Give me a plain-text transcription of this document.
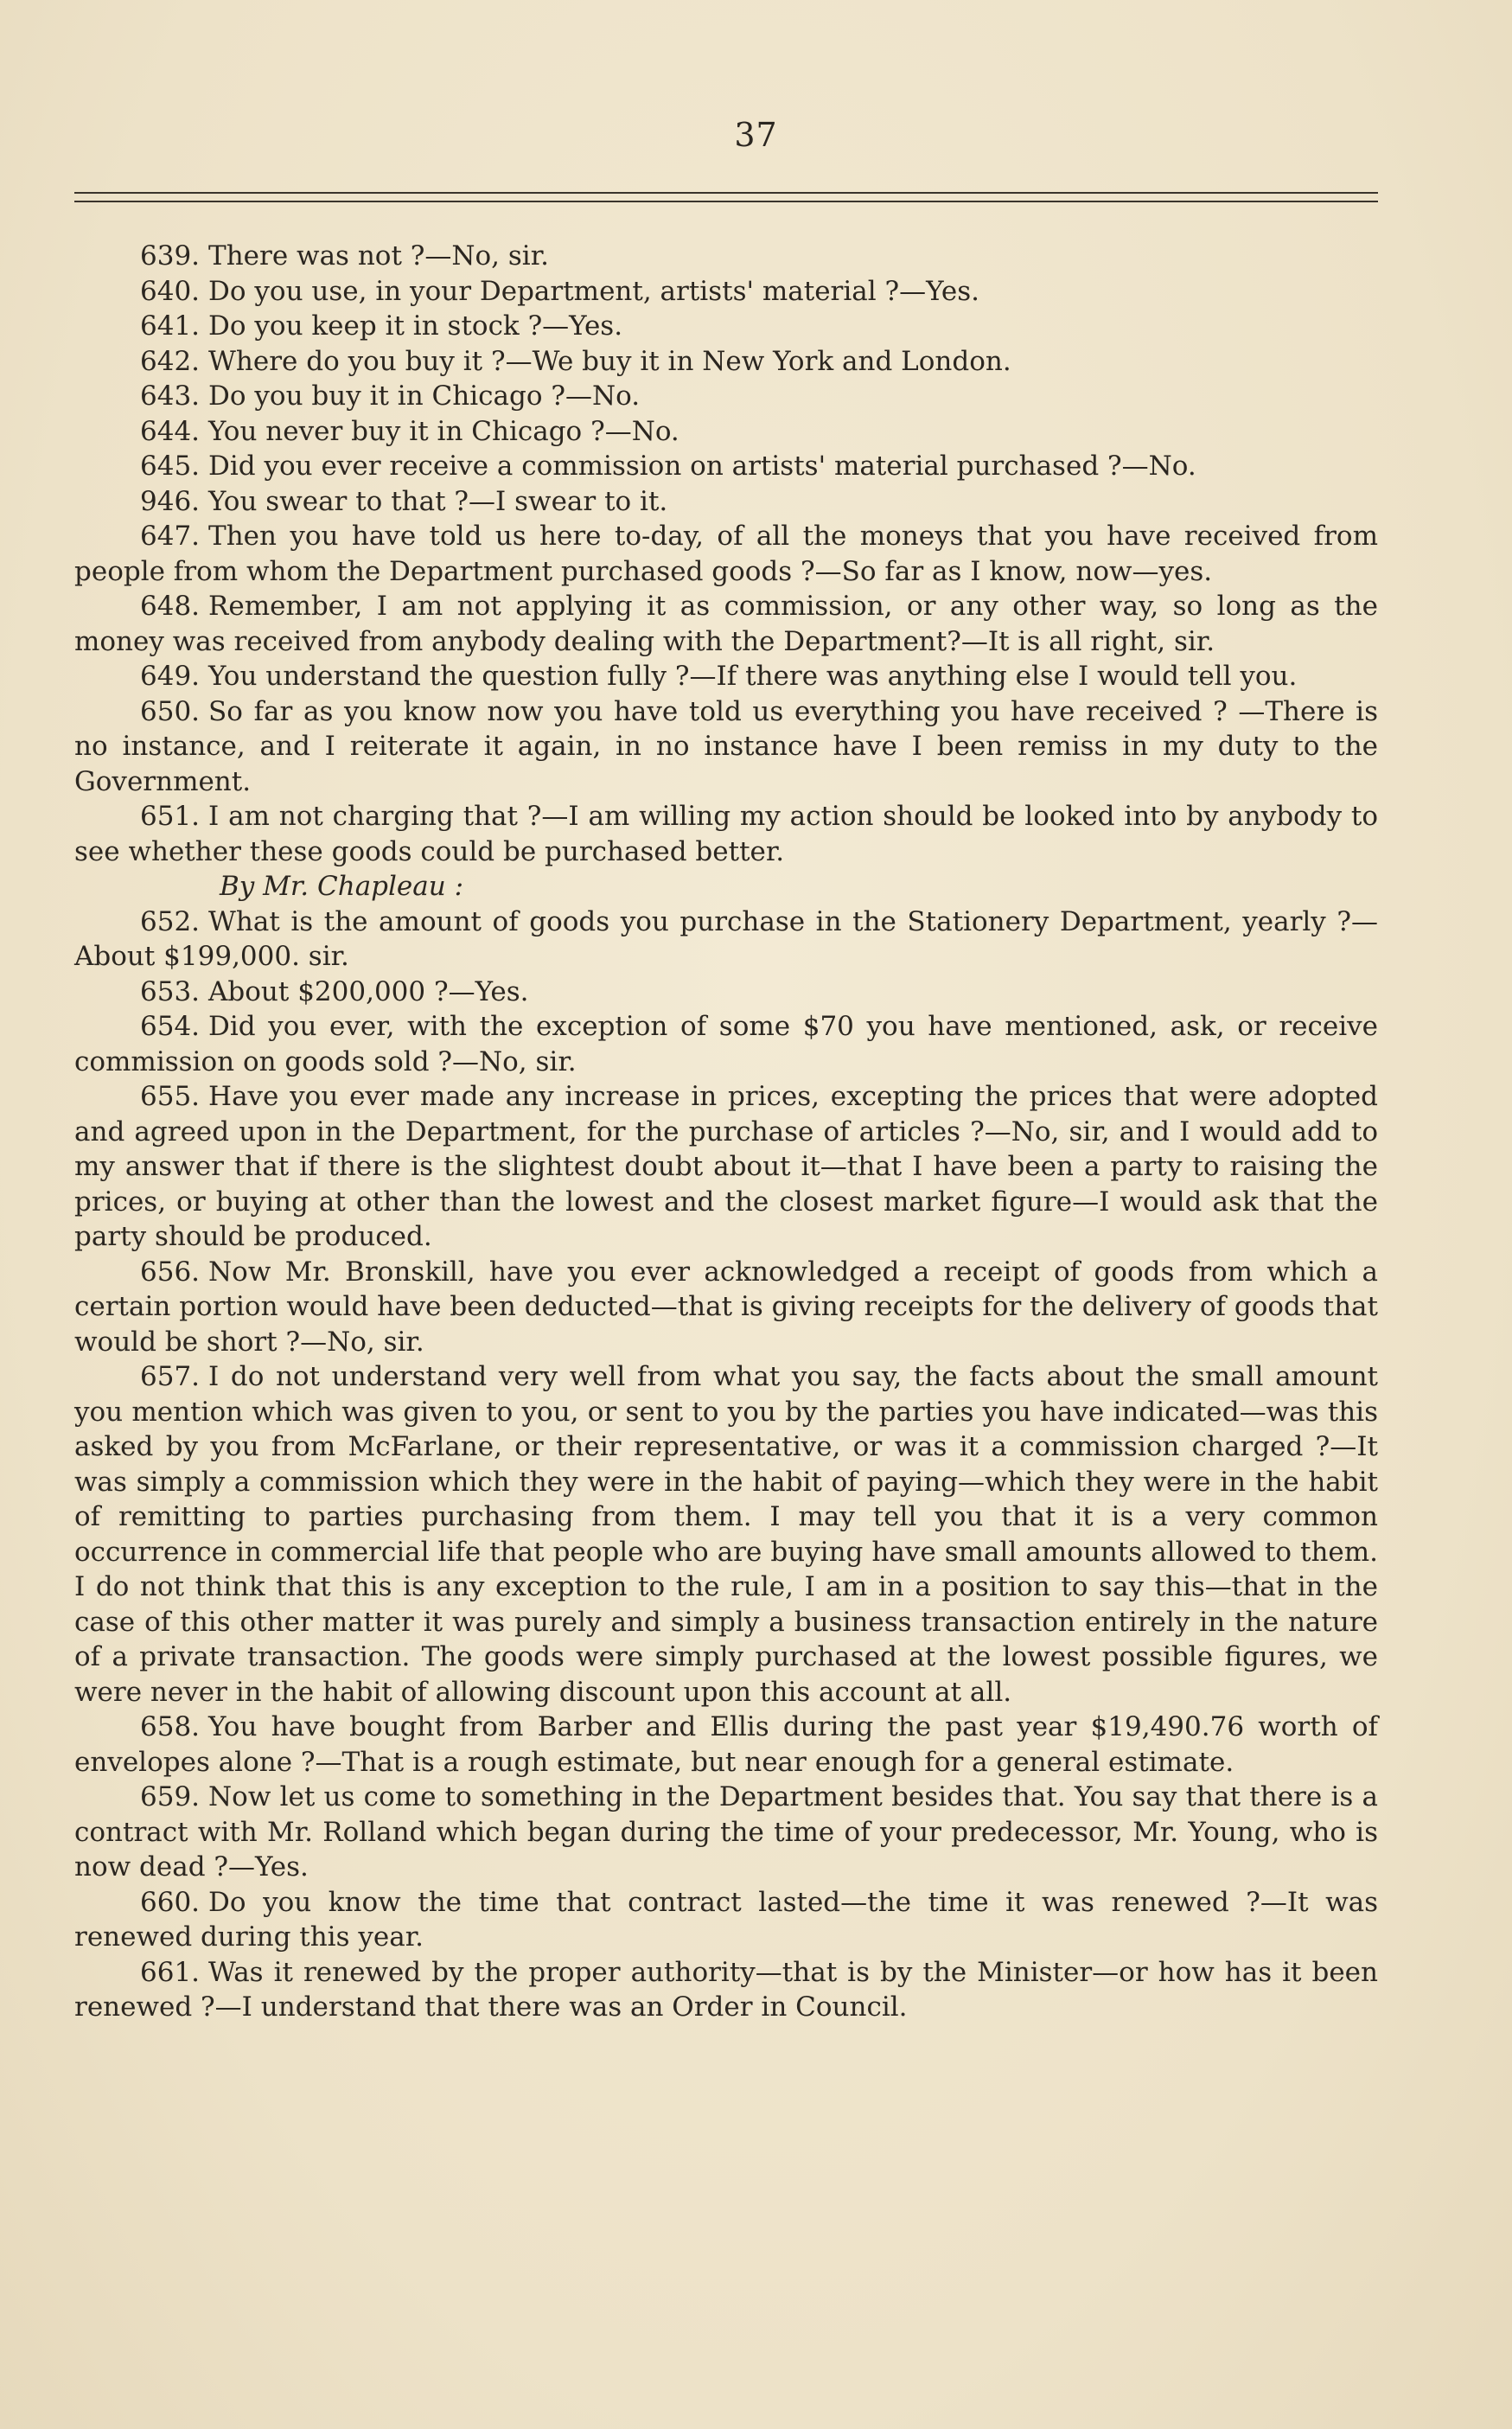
37

639. There was not ?—No, sir.

640. Do you use, in your Department, artists' material ?—Yes.

641. Do you keep it in stock ?—Yes.

642. Where do you buy it ?—We buy it in New York and London.

643. Do you buy it in Chicago ?—No.

644. You never buy it in Chicago ?—No.

645. Did you ever receive a commission on artists' material purchased ?—No.

946. You swear to that ?—I swear to it.

647. Then you have told us here to-day, of all the moneys that you have received from people from whom the Department purchased goods ?—So far as I know, now—yes.

648. Remember, I am not applying it as commission, or any other way, so long as the money was received from anybody dealing with the Department?—It is all right, sir.

649. You understand the question fully ?—If there was anything else I would tell you.

650. So far as you know now you have told us everything you have received ? —There is no instance, and I reiterate it again, in no instance have I been remiss in my duty to the Government.

651. I am not charging that ?—I am willing my action should be looked into by anybody to see whether these goods could be purchased better.

By Mr. Chapleau :

652. What is the amount of goods you purchase in the Stationery Department, yearly ?—About $199,000. sir.

653. About $200,000 ?—Yes.

654. Did you ever, with the exception of some $70 you have mentioned, ask, or receive commission on goods sold ?—No, sir.

655. Have you ever made any increase in prices, excepting the prices that were adopted and agreed upon in the Department, for the purchase of articles ?—No, sir, and I would add to my answer that if there is the slightest doubt about it—that I have been a party to raising the prices, or buying at other than the lowest and the closest market figure—I would ask that the party should be produced.

656. Now Mr. Bronskill, have you ever acknowledged a receipt of goods from which a certain portion would have been deducted—that is giving receipts for the delivery of goods that would be short ?—No, sir.

657. I do not understand very well from what you say, the facts about the small amount you mention which was given to you, or sent to you by the parties you have indicated—was this asked by you from McFarlane, or their representative, or was it a commission charged ?—It was simply a commission which they were in the habit of paying—which they were in the habit of remitting to parties purchasing from them. I may tell you that it is a very common occurrence in commercial life that people who are buying have small amounts allowed to them. I do not think that this is any exception to the rule, I am in a position to say this—that in the case of this other matter it was purely and simply a business transaction entirely in the nature of a private transaction. The goods were simply purchased at the lowest possible figures, we were never in the habit of allowing discount upon this account at all.

658. You have bought from Barber and Ellis during the past year $19,490.76 worth of envelopes alone ?—That is a rough estimate, but near enough for a general estimate.

659. Now let us come to something in the Department besides that. You say that there is a contract with Mr. Rolland which began during the time of your predecessor, Mr. Young, who is now dead ?—Yes.

660. Do you know the time that contract lasted—the time it was renewed ?—It was renewed during this year.

661. Was it renewed by the proper authority—that is by the Minister—or how has it been renewed ?—I understand that there was an Order in Council.
